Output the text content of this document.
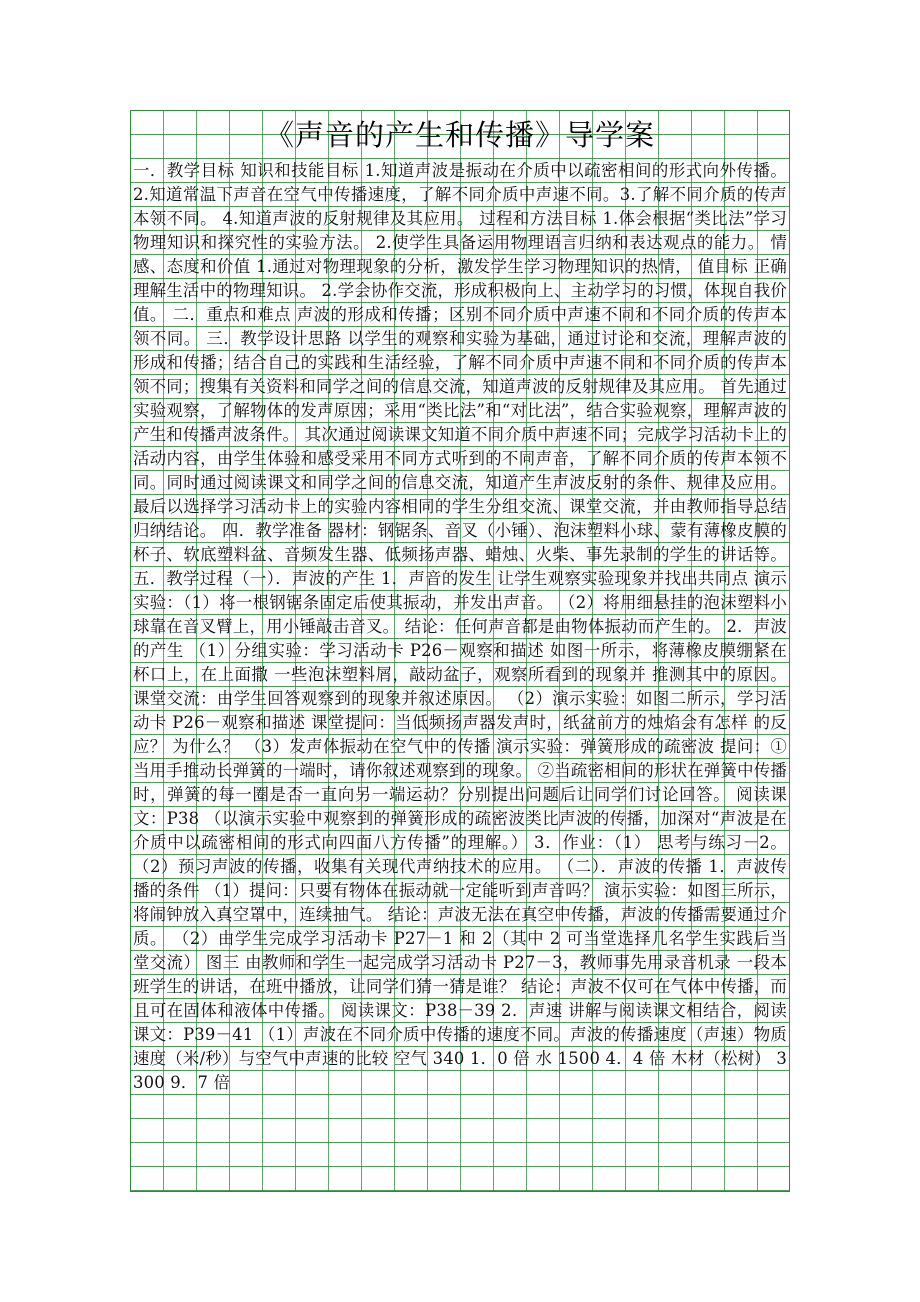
《声音的产生和传播》导学案

一．教学目标 知识和技能目标 1.知道声波是振动在介质中以疏密相间的形式向外传播。2.知道常温下声音在空气中传播速度，了解不同介质中声速不同。3.了解不同介质的传声本领不同。 4.知道声波的反射规律及其应用。 过程和方法目标 1.体会根据“类比法”学习物理知识和探究性的实验方法。 2.使学生具备运用物理语言归纳和表达观点的能力。 情感、态度和价值 1.通过对物理现象的分析，激发学生学习物理知识的热情， 值目标 正确理解生活中的物理知识。 2.学会协作交流，形成积极向上、主动学习的习惯，体现自我价值。 二．重点和难点 声波的形成和传播；区别不同介质中声速不同和不同介质的传声本领不同。 三．教学设计思路 以学生的观察和实验为基础，通过讨论和交流，理解声波的形成和传播；结合自己的实践和生活经验，了解不同介质中声速不同和不同介质的传声本领不同；搜集有关资料和同学之间的信息交流，知道声波的反射规律及其应用。 首先通过实验观察，了解物体的发声原因；采用“类比法”和“对比法”，结合实验观察，理解声波的产生和传播声波条件。 其次通过阅读课文知道不同介质中声速不同；完成学习活动卡上的活动内容，由学生体验和感受采用不同方式听到的不同声音，了解不同介质的传声本领不同。同时通过阅读课文和同学之间的信息交流，知道产生声波反射的条件、规律及应用。 最后以选择学习活动卡上的实验内容相同的学生分组交流、课堂交流，并由教师指导总结归纳结论。 四．教学准备 器材：钢锯条、音叉（小锤）、泡沫塑料小球、蒙有薄橡皮膜的杯子、软底塑料盆、音频发生器、低频扬声器、蜡烛、火柴、事先录制的学生的讲话等。 五．教学过程（一）．声波的产生 1．声音的发生 让学生观察实验现象并找出共同点 演示实验：（1）将一根钢锯条固定后使其振动，并发出声音。 （2）将用细悬挂的泡沫塑料小球靠在音叉臂上，用小锤敲击音叉。 结论：任何声音都是由物体振动而产生的。 2．声波的产生 （1）分组实验：学习活动卡 P26－观察和描述 如图一所示，将薄橡皮膜绷紧在杯口上，在上面撒 一些泡沫塑料屑，敲动盆子，观察所看到的现象并 推测其中的原因。 课堂交流：由学生回答观察到的现象并叙述原因。 （2）演示实验：如图二所示，学习活动卡 P26－观察和描述 课堂提问：当低频扬声器发声时，纸盆前方的烛焰会有怎样 的反应？ 为什么？ （3）发声体振动在空气中的传播 演示实验：弹簧形成的疏密波 提问：①当用手推动长弹簧的一端时，请你叙述观察到的现象。 ②当疏密相间的形状在弹簧中传播时，弹簧的每一圈是否一直向另一端运动？分别提出问题后让同学们讨论回答。 阅读课文：P38 （以演示实验中观察到的弹簧形成的疏密波类比声波的传播，加深对“声波是在介质中以疏密相间的形式向四面八方传播”的理解。） 3．作业：（1） 思考与练习－2。 （2）预习声波的传播，收集有关现代声纳技术的应用。 （二）．声波的传播 1．声波传播的条件 （1）提问：只要有物体在振动就一定能听到声音吗？ 演示实验：如图三所示，将闹钟放入真空罩中，连续抽气。 结论：声波无法在真空中传播，声波的传播需要通过介质。 （2）由学生完成学习活动卡 P27－1 和 2（其中 2 可当堂选择几名学生实践后当堂交流） 图三 由教师和学生一起完成学习活动卡 P27－3，教师事先用录音机录 一段本班学生的讲话，在班中播放，让同学们猜一猜是谁？ 结论：声波不仅可在气体中传播，而且可在固体和液体中传播。 阅读课文：P38－39 2．声速 讲解与阅读课文相结合，阅读课文：P39－41 （1）声波在不同介质中传播的速度不同。声波的传播速度（声速）物质速度（米/秒）与空气中声速的比较 空气 340 1．0 倍 水 1500 4．4 倍 木材（松树） 3300 9．7 倍
